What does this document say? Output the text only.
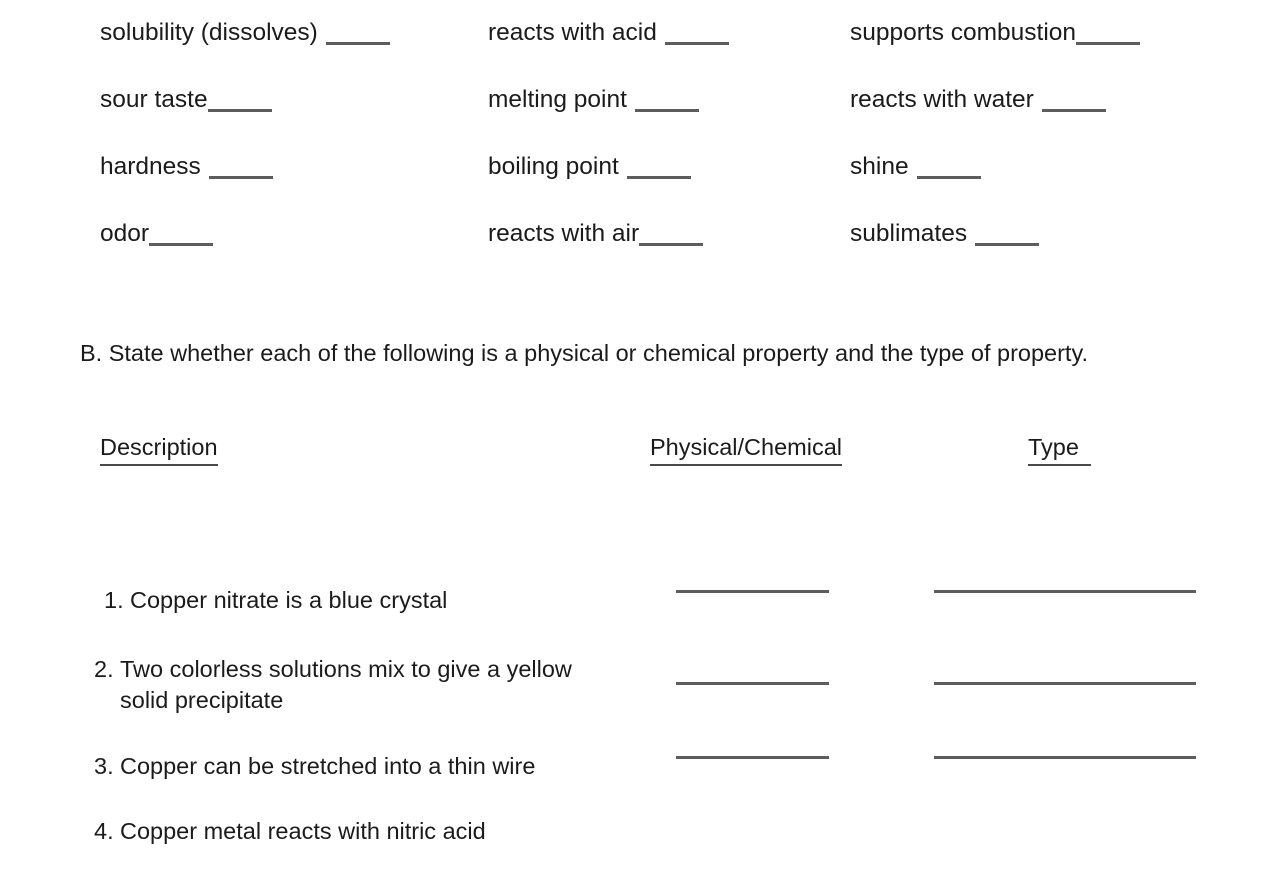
solubility (dissolves)	reacts with acid	supports combustion
sour taste	melting point	reacts with water
hardness	boiling point	shine
odor	reacts with air	sublimates
B. State whether each of the following is a physical or chemical property and the type of property.
Description	Physical/Chemical	Type

1. Copper nitrate is a blue crystal

2. Two colorless solutions mix to give a yellow solid precipitate

3. Copper can be stretched into a thin wire

4. Copper metal reacts with nitric acid
